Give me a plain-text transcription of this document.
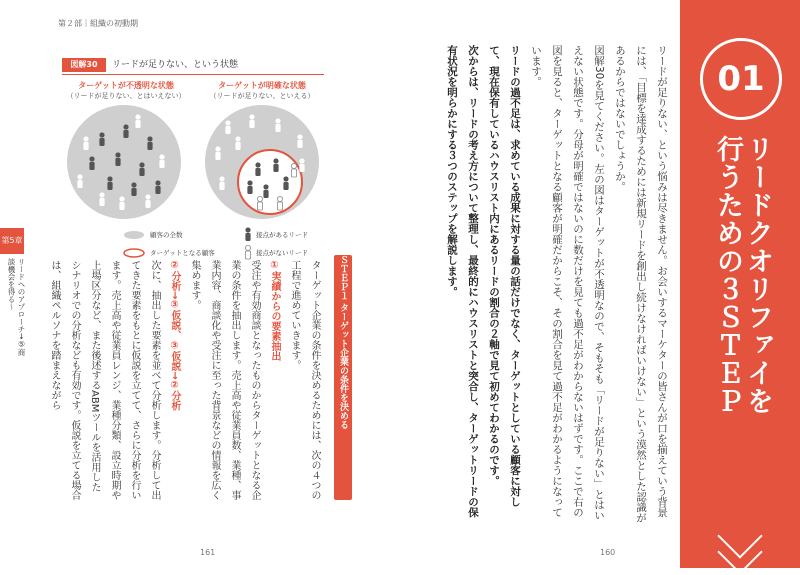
01
リードクオリファイを行うための３ＳＴＥＰ
第２部｜組織の初動期
第5章
リードへのアプローチ→⑤商談機会を得る～
図解30	リードが足りない、という状態
ターゲットが不透明な状態
（リードが足りない、とはいえない）
ターゲットが明確な状態
（リードが足りない、といえる）
顧客の全数
ターゲットとなる顧客
接点があるリード
接点がないリード	リードが足りない、という悩みは尽きません。お会いするマーケターの皆さんが口を揃えていう背景には、「目標を達成するためには新規リードを創出し続けなければいけない」という漠然とした認識があるからではないでしょうか。

図解30を見てください。左の図はターゲットが不透明なので、そもそも「リードが足りない」とはいえない状態です。分母が明確ではないのに数だけを見ても過不足がわからないはずです。ここで右の図を見ると、ターゲットとなる顧客が明確だからこそ、その割合を見て過不足がわかるようになっています。

リードの過不足は、求めている成果に対する量の話だけでなく、ターゲットとしている顧客に対して、現在保有しているハウスリスト内にあるリードの割合の２軸で見て初めてわかるのです。

次からは、リードの考え方について整理し、最終的にハウスリストと突合し、ターゲットリードの保有状況を明らかにする３つのステップを解説します。

160
ＳＴＥＰ１ ターゲット企業の条件を決める

ターゲット企業の条件を決めるためには、次の４つの工程で進めていきます。

①実績からの要素抽出

受注や有効商談となったものからターゲットとなる企業の条件を抽出します。売上高や従業員数、業種、事業内容、商談化や受注に至った背景などの情報を広く集めます。

②分析→③仮説、③仮説→②分析

次に、抽出した要素を並べて分析します。分析して出てきた要素をもとに仮説を立てて、さらに分析を行います。売上高や従業員レンジ、業種分類、設立時期や上場区分など、また後述するABMツールを活用したシナリオでの分析なども有効です。仮説を立てる場合は、組織ペルソナを踏まえながら

161
